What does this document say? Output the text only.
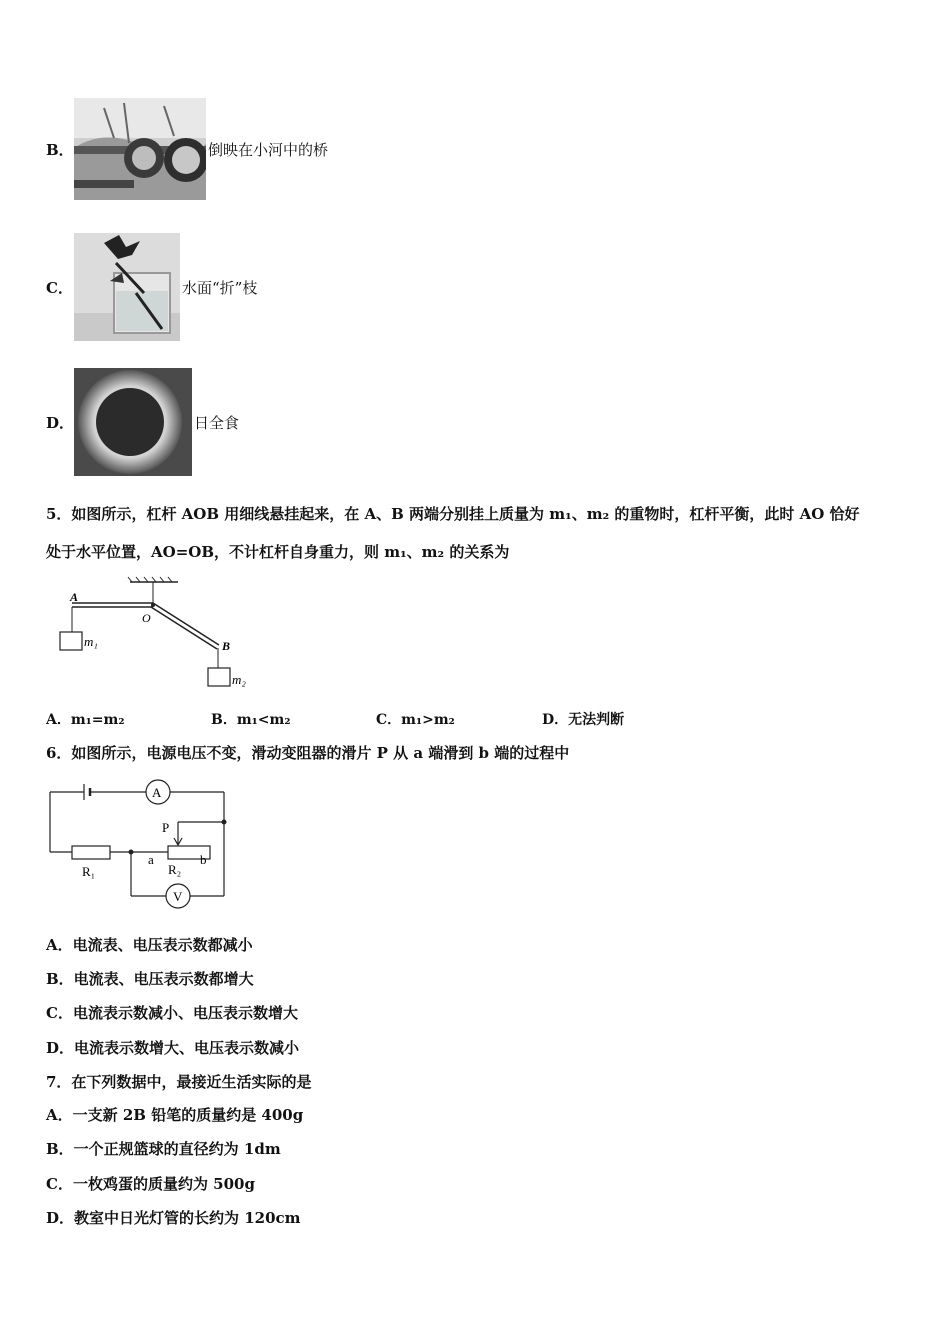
B．	倒映在小河中的桥
C．	水面“折”枝
D．	日全食
5．如图所示，杠杆 AOB 用细线悬挂起来，在 A、B 两端分别挂上质量为 m₁、m₂ 的重物时，杠杆平衡，此时 AO 恰好
处于水平位置，AO=OB，不计杠杆自身重力，则 m₁、m₂ 的关系为
A
O
B
m₁
m₂
A．m₁=m₂	B．m₁<m₂	C．m₁>m₂	D．无法判断
6．如图所示，电源电压不变，滑动变阻器的滑片 P 从 a 端滑到 b 端的过程中
A
R₁
a	b
R₂
P
V
A．电流表、电压表示数都减小
B．电流表、电压表示数都增大
C．电流表示数减小、电压表示数增大
D．电流表示数增大、电压表示数减小
7．在下列数据中，最接近生活实际的是
A．一支新 2B 铅笔的质量约是 400g
B．一个正规篮球的直径约为 1dm
C．一枚鸡蛋的质量约为 500g
D．教室中日光灯管的长约为 120cm
